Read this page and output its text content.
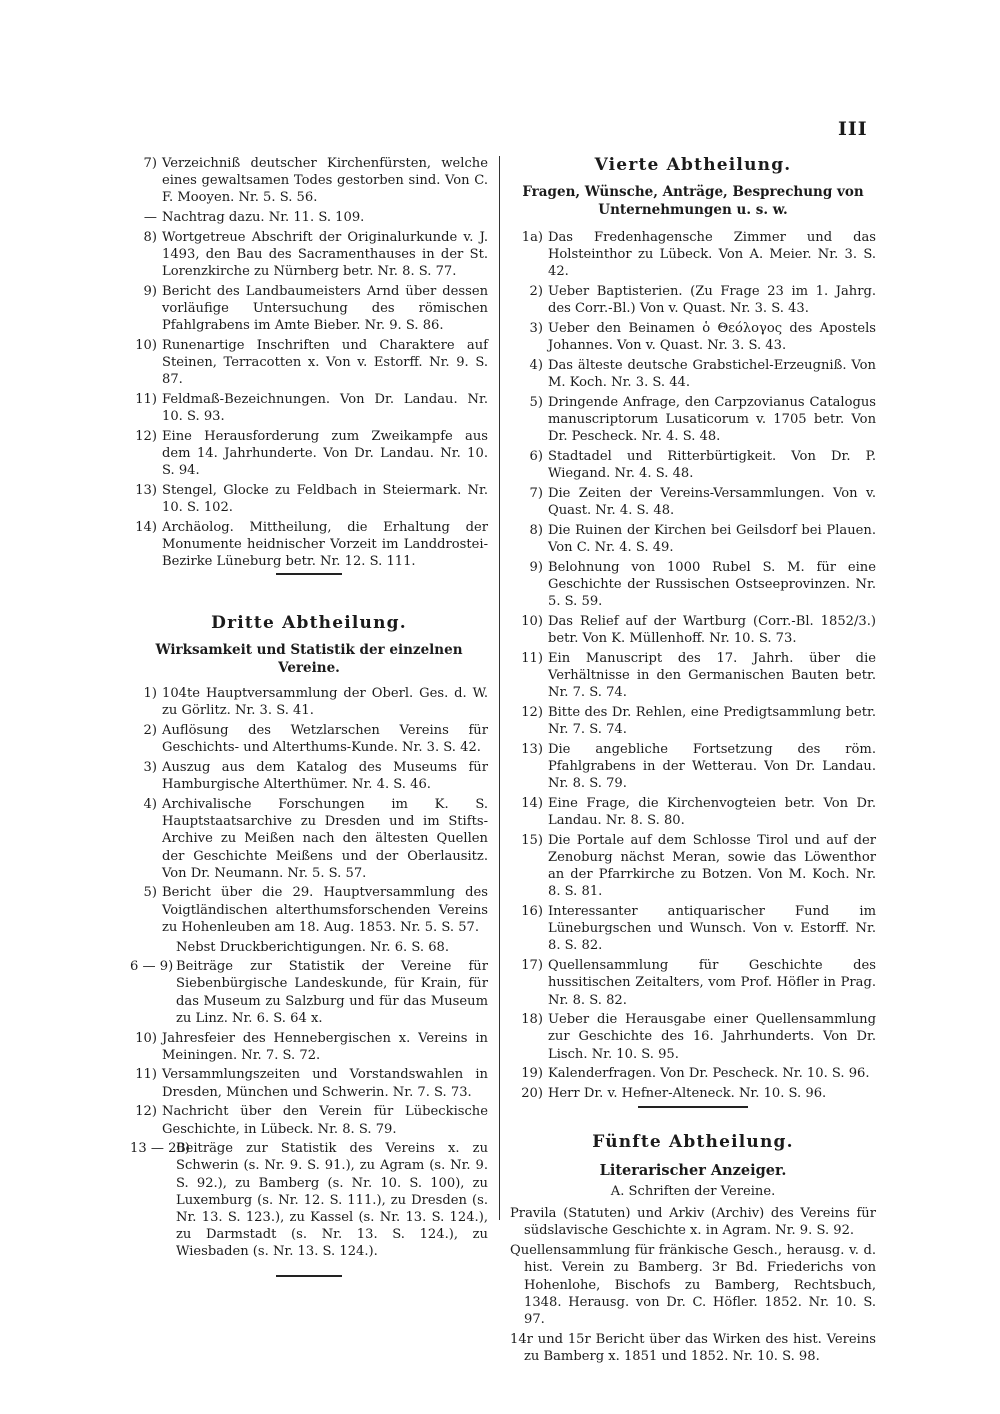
III
7) Verzeichniß deutscher Kirchenfürsten, welche eines gewaltsamen Todes gestorben sind. Von C. F. Mooyen. Nr. 5. S. 56.
— Nachtrag dazu. Nr. 11. S. 109.
8) Wortgetreue Abschrift der Originalurkunde v. J. 1493, den Bau des Sacramenthauses in der St. Lorenzkirche zu Nürnberg betr. Nr. 8. S. 77.
9) Bericht des Landbaumeisters Arnd über dessen vorläufige Untersuchung des römischen Pfahlgrabens im Amte Bieber. Nr. 9. S. 86.
10) Runenartige Inschriften und Charaktere auf Steinen, Terracotten x. Von v. Estorff. Nr. 9. S. 87.
11) Feldmaß-Bezeichnungen. Von Dr. Landau. Nr. 10. S. 93.
12) Eine Herausforderung zum Zweikampfe aus dem 14. Jahrhunderte. Von Dr. Landau. Nr. 10. S. 94.
13) Stengel, Glocke zu Feldbach in Steiermark. Nr. 10. S. 102.
14) Archäolog. Mittheilung, die Erhaltung der Monumente heidnischer Vorzeit im Landdrostei-Bezirke Lüneburg betr. Nr. 12. S. 111.
Dritte Abtheilung.
Wirksamkeit und Statistik der einzelnen Vereine.
1) 104te Hauptversammlung der Oberl. Ges. d. W. zu Görlitz. Nr. 3. S. 41.
2) Auflösung des Wetzlarschen Vereins für Geschichts- und Alterthums-Kunde. Nr. 3. S. 42.
3) Auszug aus dem Katalog des Museums für Hamburgische Alterthümer. Nr. 4. S. 46.
4) Archivalische Forschungen im K. S. Hauptstaatsarchive zu Dresden und im Stifts-Archive zu Meißen nach den ältesten Quellen der Geschichte Meißens und der Oberlausitz. Von Dr. Neumann. Nr. 5. S. 57.
5) Bericht über die 29. Hauptversammlung des Voigtländischen alterthumsforschenden Vereins zu Hohenleuben am 18. Aug. 1853. Nr. 5. S. 57.
Nebst Druckberichtigungen. Nr. 6. S. 68.
6 — 9) Beiträge zur Statistik der Vereine für Siebenbürgische Landeskunde, für Krain, für das Museum zu Salzburg und für das Museum zu Linz. Nr. 6. S. 64 x.
10) Jahresfeier des Hennebergischen x. Vereins in Meiningen. Nr. 7. S. 72.
11) Versammlungszeiten und Vorstandswahlen in Dresden, München und Schwerin. Nr. 7. S. 73.
12) Nachricht über den Verein für Lübeckische Geschichte, in Lübeck. Nr. 8. S. 79.
13 — 20)
Beiträge zur Statistik des Vereins x. zu Schwerin (s. Nr. 9. S. 91.), zu Agram (s. Nr. 9. S. 92.), zu Bamberg (s. Nr. 10. S. 100), zu Luxemburg (s. Nr. 12. S. 111.), zu Dresden (s. Nr. 13. S. 123.), zu Kassel (s. Nr. 13. S. 124.), zu Darmstadt (s. Nr. 13. S. 124.), zu Wiesbaden (s. Nr. 13. S. 124.).
Vierte Abtheilung.
Fragen, Wünsche, Anträge, Besprechung von
Unternehmungen u. s. w.
1a) Das Fredenhagensche Zimmer und das Holsteinthor zu Lübeck. Von A. Meier. Nr. 3. S. 42.
2) Ueber Baptisterien. (Zu Frage 23 im 1. Jahrg. des Corr.-Bl.) Von v. Quast. Nr. 3. S. 43.
3) Ueber den Beinamen ὁ Θεόλογος des Apostels Johannes. Von v. Quast. Nr. 3. S. 43.
4) Das älteste deutsche Grabstichel-Erzeugniß. Von M. Koch. Nr. 3. S. 44.
5) Dringende Anfrage, den Carpzovianus Catalogus manuscriptorum Lusaticorum v. 1705 betr. Von Dr. Pescheck. Nr. 4. S. 48.
6) Stadtadel und Ritterbürtigkeit. Von Dr. P. Wiegand. Nr. 4. S. 48.
7) Die Zeiten der Vereins-Versammlungen. Von v. Quast. Nr. 4. S. 48.
8) Die Ruinen der Kirchen bei Geilsdorf bei Plauen. Von C. Nr. 4. S. 49.
9) Belohnung von 1000 Rubel S. M. für eine Geschichte der Russischen Ostseeprovinzen. Nr. 5. S. 59.
10) Das Relief auf der Wartburg (Corr.-Bl. 1852/3.) betr. Von K. Müllenhoff. Nr. 10. S. 73.
11) Ein Manuscript des 17. Jahrh. über die Verhältnisse in den Germanischen Bauten betr. Nr. 7. S. 74.
12) Bitte des Dr. Rehlen, eine Predigtsammlung betr. Nr. 7. S. 74.
13) Die angebliche Fortsetzung des röm. Pfahlgrabens in der Wetterau. Von Dr. Landau. Nr. 8. S. 79.
14) Eine Frage, die Kirchenvogteien betr. Von Dr. Landau. Nr. 8. S. 80.
15) Die Portale auf dem Schlosse Tirol und auf der Zenoburg nächst Meran, sowie das Löwenthor an der Pfarrkirche zu Botzen. Von M. Koch. Nr. 8. S. 81.
16) Interessanter antiquarischer Fund im Lüneburgschen und Wunsch. Von v. Estorff. Nr. 8. S. 82.
17) Quellensammlung für Geschichte des hussitischen Zeitalters, vom Prof. Höfler in Prag. Nr. 8. S. 82.
18) Ueber die Herausgabe einer Quellensammlung zur Geschichte des 16. Jahrhunderts. Von Dr. Lisch. Nr. 10. S. 95.
19) Kalenderfragen. Von Dr. Pescheck. Nr. 10. S. 96.
20) Herr Dr. v. Hefner-Alteneck. Nr. 10. S. 96.
Fünfte Abtheilung.
Literarischer Anzeiger.
A. Schriften der Vereine.
Pravila (Statuten) und Arkiv (Archiv) des Vereins für südslavische Geschichte x. in Agram. Nr. 9. S. 92.
Quellensammlung für fränkische Gesch., herausg. v. d. hist. Verein zu Bamberg. 3r Bd. Friederichs von Hohenlohe, Bischofs zu Bamberg, Rechtsbuch, 1348. Herausg. von Dr. C. Höfler. 1852. Nr. 10. S. 97.
14r und 15r Bericht über das Wirken des hist. Vereins zu Bamberg x. 1851 und 1852. Nr. 10. S. 98.
